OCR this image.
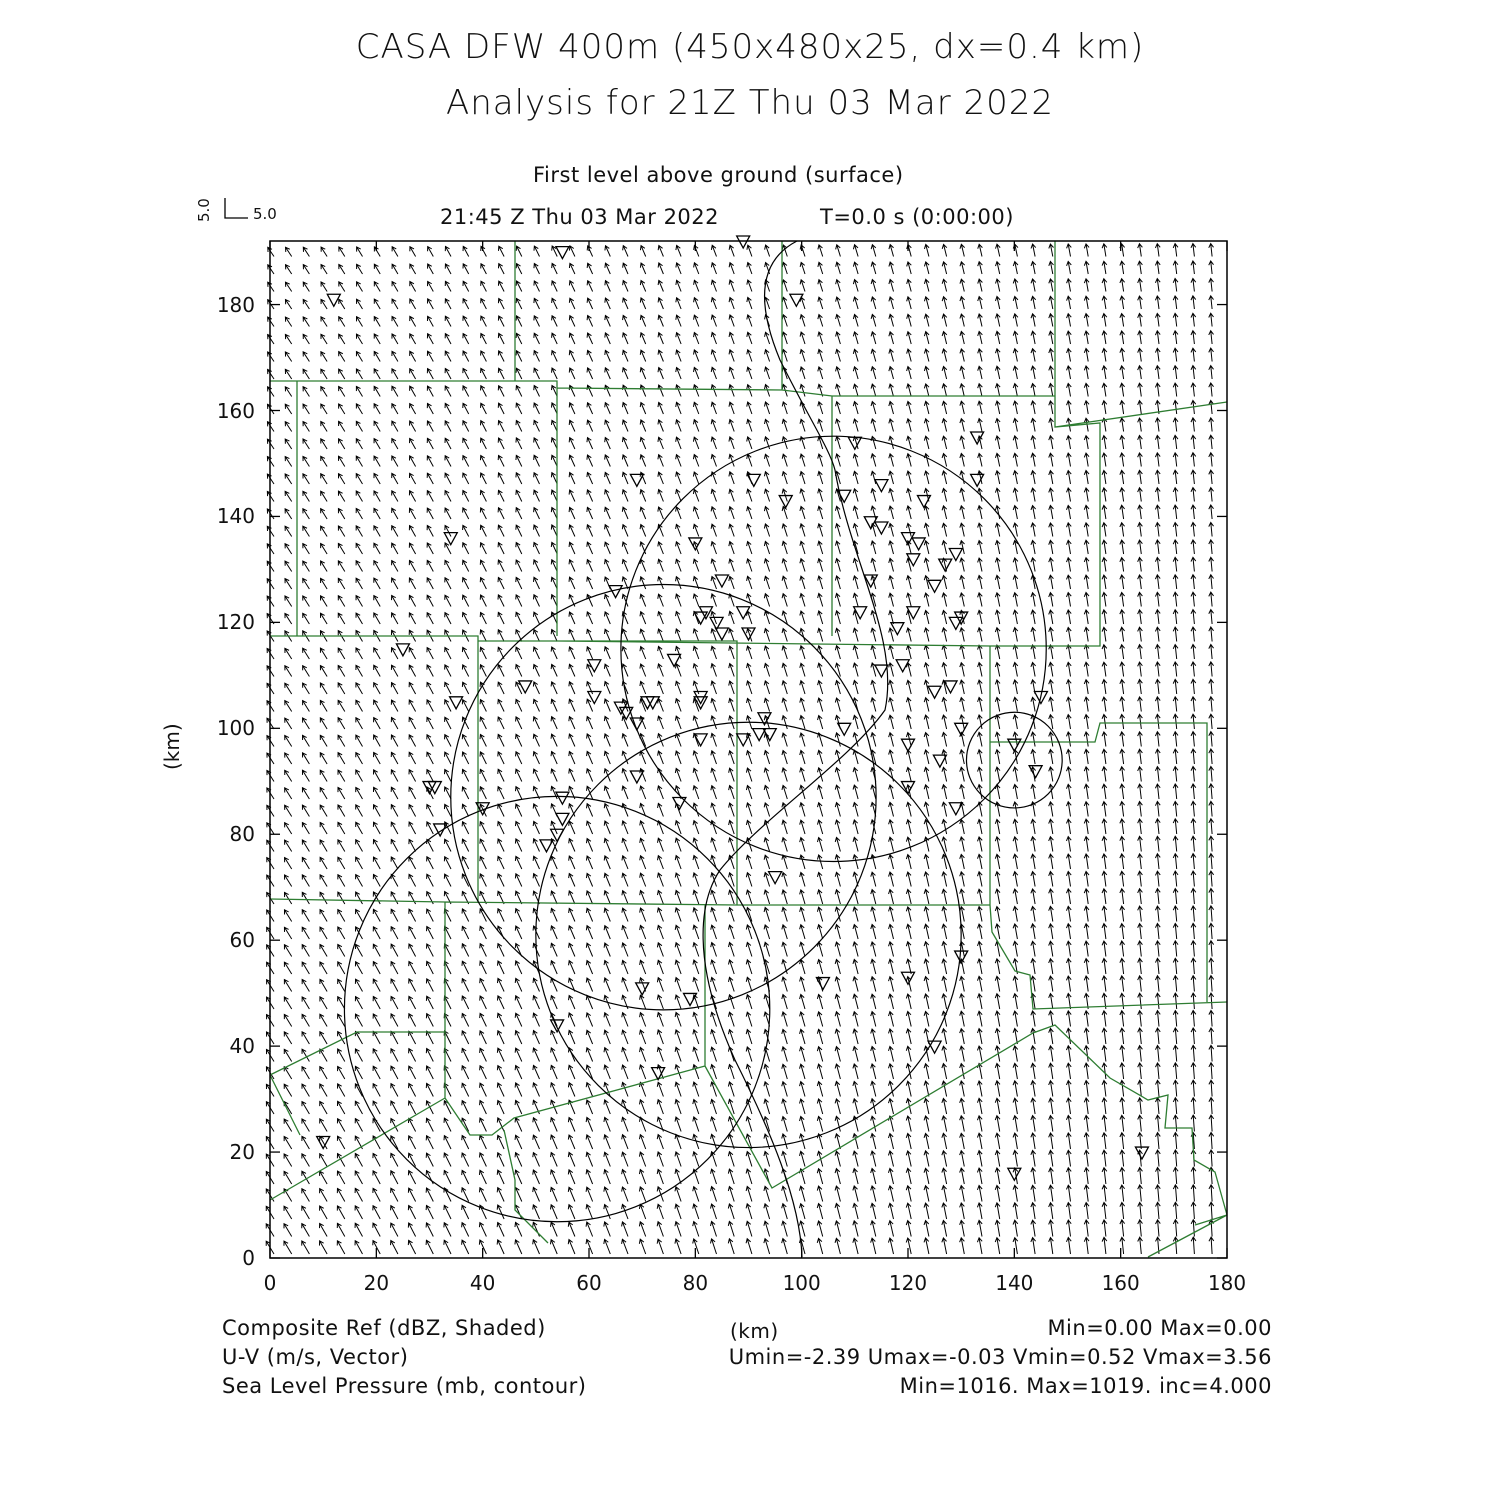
CASA DFW 400m (450x480x25, dx=0.4 km)
Analysis for 21Z Thu 03 Mar 2022
First level above ground (surface)
21:45 Z Thu 03 Mar 2022	T=0.0 s (0:00:00)
5.0	5.0
0	20	40	60	80	100	120	140	160	180
0
20
40
60
80
100
120
140
160
180
(km)
(km)
Composite Ref (dBZ, Shaded)	Min=0.00 Max=0.00
U-V (m/s, Vector)	Umin=-2.39 Umax=-0.03 Vmin=0.52 Vmax=3.56
Sea Level Pressure (mb, contour)	Min=1016. Max=1019. inc=4.000
